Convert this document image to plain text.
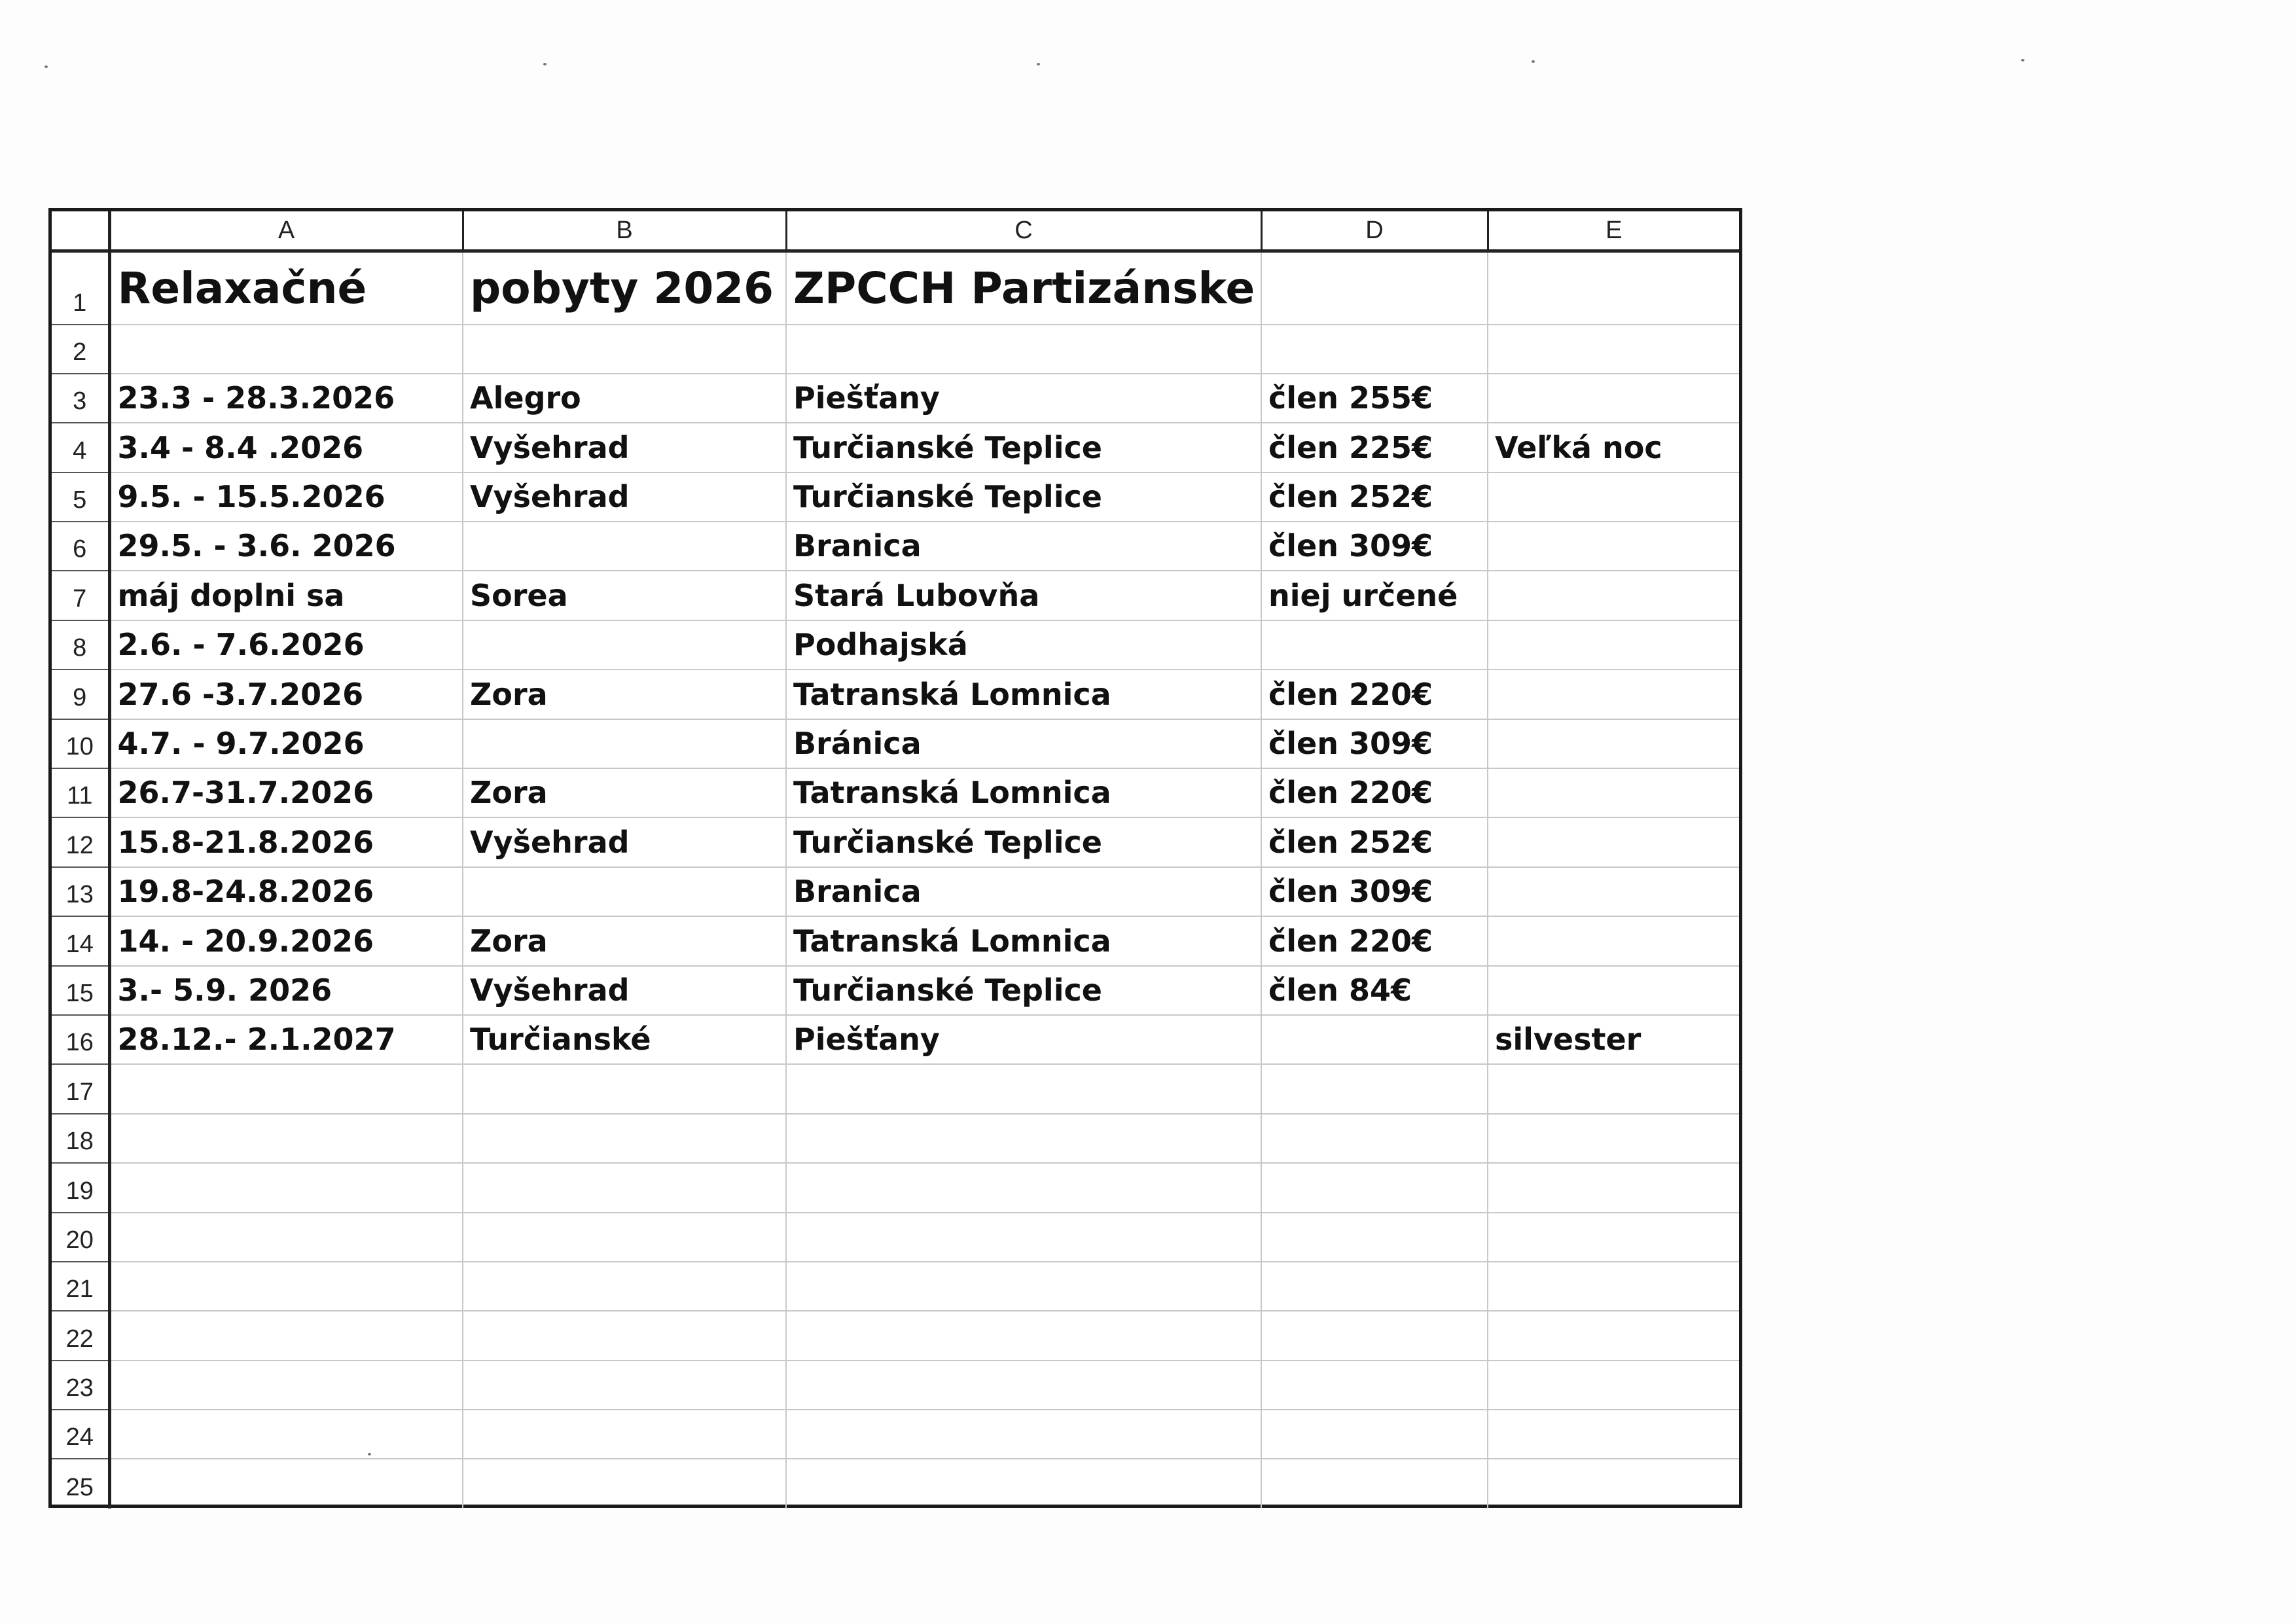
	A	B	C	D	E
1	Relaxačné	pobyty 2026	ZPCCH Partizánske		
2					
3	23.3 - 28.3.2026	Alegro	Piešťany	člen 255€	
4	3.4 - 8.4 .2026	Vyšehrad	Turčianské Teplice	člen 225€	Veľká noc
5	9.5. - 15.5.2026	Vyšehrad	Turčianské Teplice	člen 252€	
6	29.5. - 3.6. 2026		Branica	člen 309€	
7	máj doplni sa	Sorea	Stará Lubovňa	niej určené	
8	2.6. - 7.6.2026		Podhajská		
9	27.6 -3.7.2026	Zora	Tatranská Lomnica	člen 220€	
10	4.7. - 9.7.2026		Bránica	člen 309€	
11	26.7-31.7.2026	Zora	Tatranská Lomnica	člen 220€	
12	15.8-21.8.2026	Vyšehrad	Turčianské Teplice	člen 252€	
13	19.8-24.8.2026		Branica	člen 309€	
14	14. - 20.9.2026	Zora	Tatranská Lomnica	člen 220€	
15	3.- 5.9. 2026	Vyšehrad	Turčianské Teplice	člen 84€	
16	28.12.- 2.1.2027	Turčianské	Piešťany		silvester
17					
18					
19					
20					
21					
22					
23					
24					
25					
